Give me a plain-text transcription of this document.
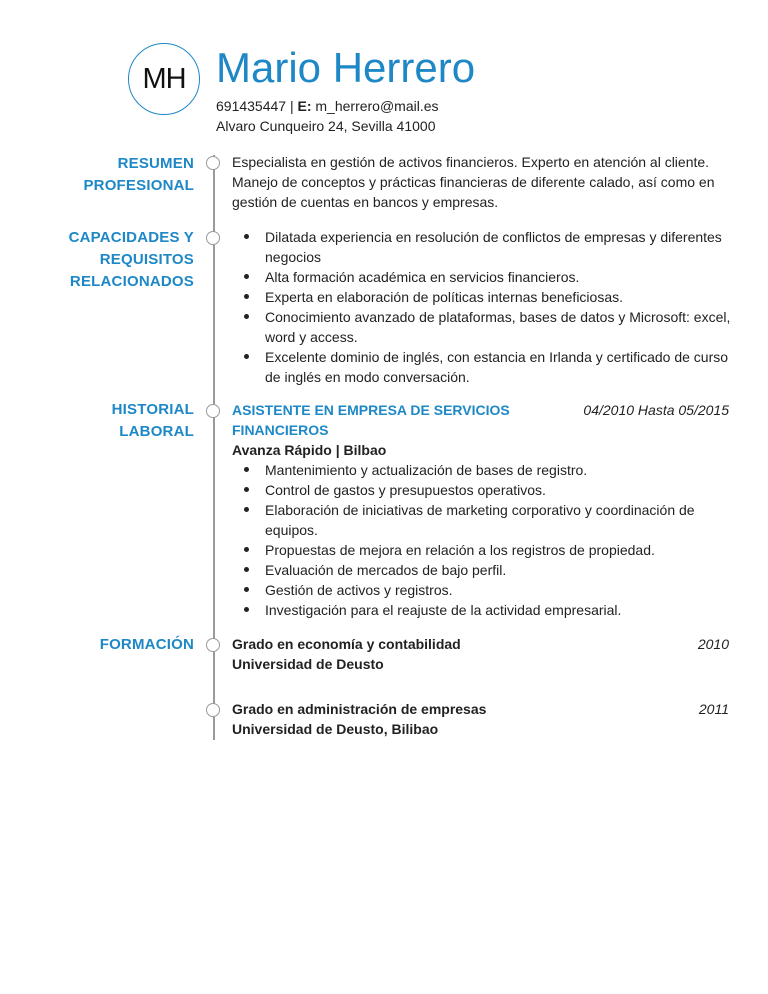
MH Mario Herrero
691435447 | E: m_herrero@mail.es
Alvaro Cunqueiro 24, Sevilla 41000
RESUMEN
PROFESIONAL

Especialista en gestión de activos financieros. Experto en atención al cliente. Manejo de conceptos y prácticas financieras de diferente calado, así como en gestión de cuentas en bancos y empresas.

CAPACIDADES Y
REQUISITOS
RELACIONADOS
Dilatada experiencia en resolución de conflictos de empresas y diferentes negocios
Alta formación académica en servicios financieros.
Experta en elaboración de políticas internas beneficiosas.
Conocimiento avanzado de plataformas, bases de datos y Microsoft: excel, word y access.
Excelente dominio de inglés, con estancia en Irlanda y certificado de curso de inglés en modo conversación.
HISTORIAL
LABORAL
ASISTENTE EN EMPRESA DE SERVICIOS FINANCIEROS
04/2010 Hasta 05/2015
Avanza Rápido | Bilbao
Mantenimiento y actualización de bases de registro.
Control de gastos y presupuestos operativos.
Elaboración de iniciativas de marketing corporativo y coordinación de equipos.
Propuestas de mejora en relación a los registros de propiedad.
Evaluación de mercados de bajo perfil.
Gestión de activos y registros.
Investigación para el reajuste de la actividad empresarial.
FORMACIÓN	Grado en economía y contabilidad	2010
Universidad de Deusto
Grado en administración de empresas	2011
Universidad de Deusto, Bilibao
